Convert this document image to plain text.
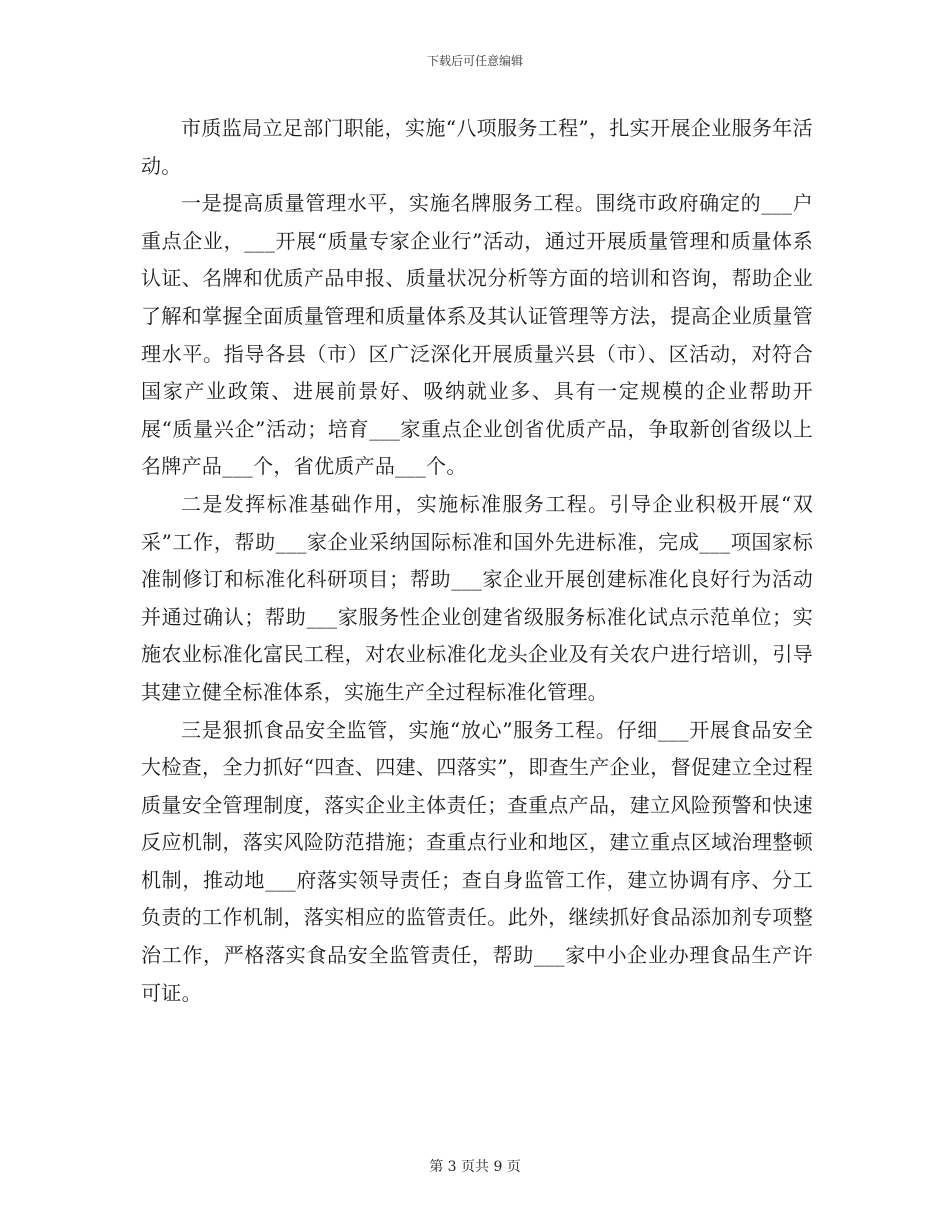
下载后可任意编辑

市质监局立足部门职能，实施“八项服务工程”，扎实开展企业服务年活动。

一是提高质量管理水平，实施名牌服务工程。围绕市政府确定的___户重点企业，___开展“质量专家企业行”活动，通过开展质量管理和质量体系认证、名牌和优质产品申报、质量状况分析等方面的培训和咨询，帮助企业了解和掌握全面质量管理和质量体系及其认证管理等方法，提高企业质量管理水平。指导各县（市）区广泛深化开展质量兴县（市）、区活动，对符合国家产业政策、进展前景好、吸纳就业多、具有一定规模的企业帮助开展“质量兴企”活动；培育___家重点企业创省优质产品，争取新创省级以上名牌产品___个，省优质产品___个。

二是发挥标准基础作用，实施标准服务工程。引导企业积极开展“双采”工作，帮助___家企业采纳国际标准和国外先进标准，完成___项国家标准制修订和标准化科研项目；帮助___家企业开展创建标准化良好行为活动并通过确认；帮助___家服务性企业创建省级服务标准化试点示范单位；实施农业标准化富民工程，对农业标准化龙头企业及有关农户进行培训，引导其建立健全标准体系，实施生产全过程标准化管理。

三是狠抓食品安全监管，实施“放心”服务工程。仔细___开展食品安全大检查，全力抓好“四查、四建、四落实”，即查生产企业，督促建立全过程质量安全管理制度，落实企业主体责任；查重点产品，建立风险预警和快速反应机制，落实风险防范措施；查重点行业和地区，建立重点区域治理整顿机制，推动地___府落实领导责任；查自身监管工作，建立协调有序、分工负责的工作机制，落实相应的监管责任。此外，继续抓好食品添加剂专项整治工作，严格落实食品安全监管责任，帮助___家中小企业办理食品生产许可证。

第 3 页共 9 页
